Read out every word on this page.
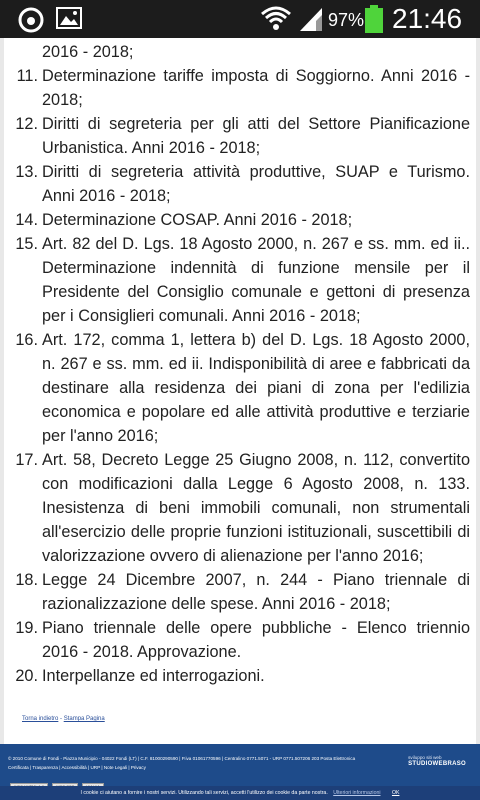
97% 21:46
2016 - 2018;
11. Determinazione tariffe imposta di Soggiorno. Anni 2016 - 2018;
12. Diritti di segreteria per gli atti del Settore Pianificazione Urbanistica. Anni 2016 - 2018;
13. Diritti di segreteria attività produttive, SUAP e Turismo. Anni 2016 - 2018;
14. Determinazione COSAP. Anni 2016 - 2018;
15. Art. 82 del D. Lgs. 18 Agosto 2000, n. 267 e ss. mm. ed ii.. Determinazione indennità di funzione mensile per il Presidente del Consiglio comunale e gettoni di presenza per i Consiglieri comunali. Anni 2016 - 2018;
16. Art. 172, comma 1, lettera b) del D. Lgs. 18 Agosto 2000, n. 267 e ss. mm. ed ii. Indisponibilità di aree e fabbricati da destinare alla residenza dei piani di zona per l'edilizia economica e popolare ed alle attività produttive e terziarie per l'anno 2016;
17. Art. 58, Decreto Legge 25 Giugno 2008, n. 112, convertito con modificazioni dalla Legge 6 Agosto 2008, n. 133. Inesistenza di beni immobili comunali, non strumentali all'esercizio delle proprie funzioni istituzionali, suscettibili di valorizzazione ovvero di alienazione per l'anno 2016;
18. Legge 24 Dicembre 2007, n. 244 - Piano triennale di razionalizzazione delle spese. Anni 2016 - 2018;
19. Piano triennale delle opere pubbliche - Elenco triennio 2016 - 2018. Approvazione.
20. Interpellanze ed interrogazioni.
Torna indietro - Stampa Pagina
© 2010 Comune di Fondi - Piazza Municipio - 04022 Fondi (LT) | C.F. 81000290590 | P.iva 01061770596 | Centralino 0771.5071 - URP 0771.507206 203 Posta Elettronica
Certificata | Trasparenza | Accessibilità | URP | Note Legali | Privacy
sviluppo siti web
STUDIOWEBRASO
I cookie ci aiutano a fornire i nostri servizi. Utilizzando tali servizi, accetti l'utilizzo dei cookie da parte nostra. Ulteriori informazioni OK
